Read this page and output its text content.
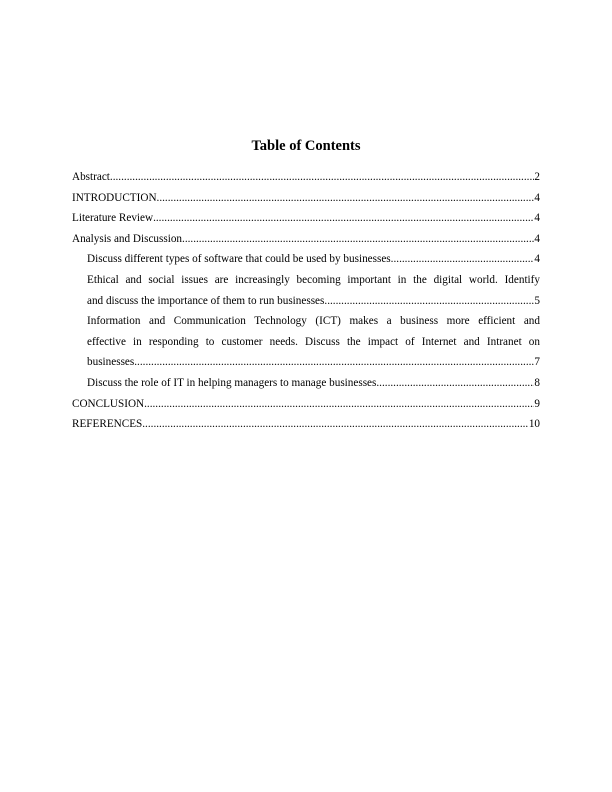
Table of Contents
Abstract .....	2
INTRODUCTION .....	4
Literature Review .....	4
Analysis and Discussion .....	4
Discuss different types of software that could be used by businesses .....	4
Ethical and social issues are increasingly becoming important in the digital world. Identify
and discuss the importance of them to run businesses .....	5
Information and Communication Technology (ICT) makes a business more efficient and
effective in responding to customer needs. Discuss the impact of Internet and Intranet on
businesses .....	7
Discuss the role of IT in helping managers to manage businesses .....	8
CONCLUSION .....	9
REFERENCES .....	10
